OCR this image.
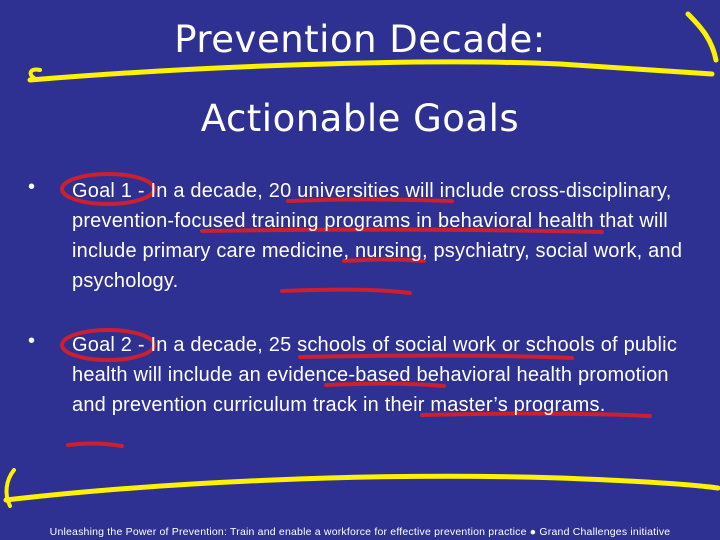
Prevention Decade:
Actionable Goals
• Goal 1 - In a decade, 20 universities will include cross-disciplinary, prevention-focused training programs in behavioral health that will include primary care medicine, nursing, psychiatry, social work, and psychology.
• Goal 2 - In a decade, 25 schools of social work or schools of public health will include an evidence-based behavioral health promotion and prevention curriculum track in their master’s programs.
Unleashing the Power of Prevention: Train and enable a workforce for effective prevention practice ● Grand Challenges initiative
